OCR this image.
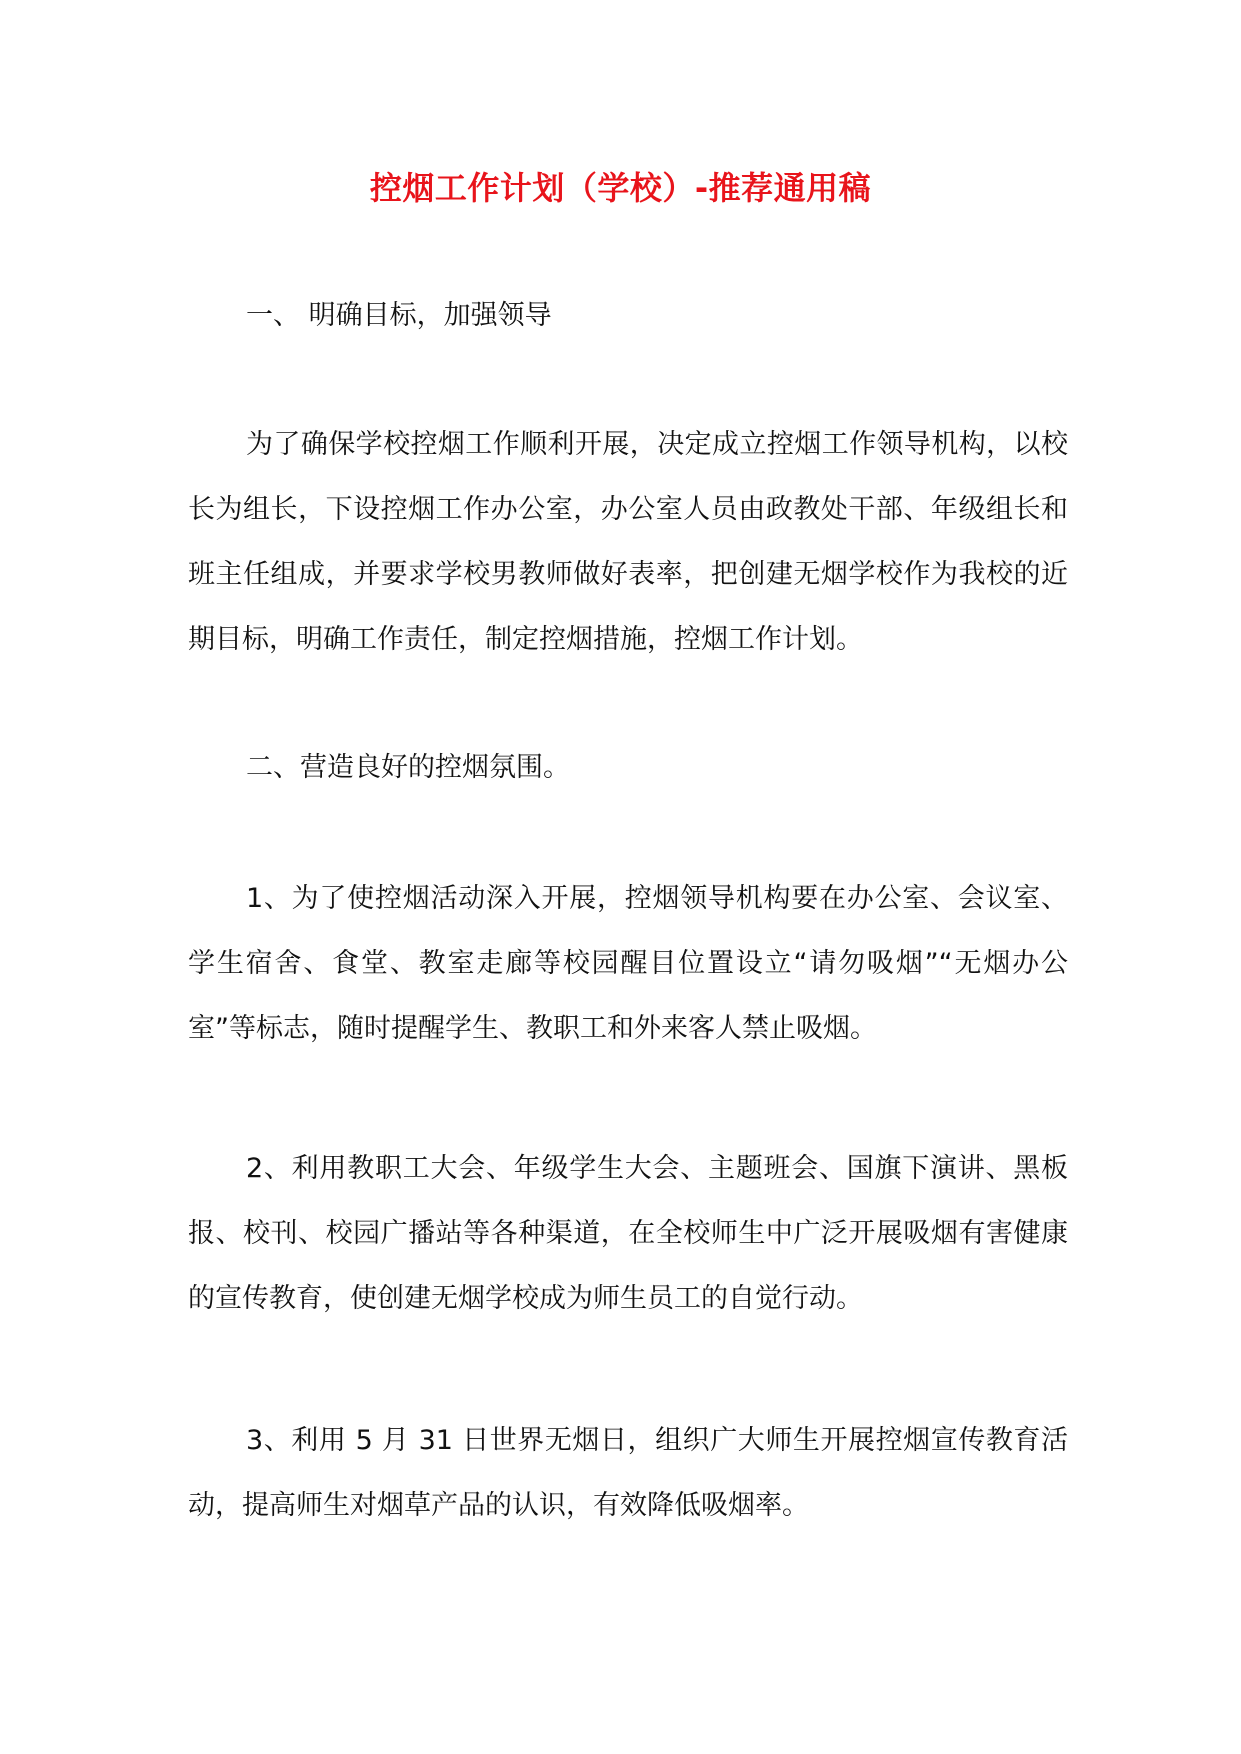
控烟工作计划（学校）-推荐通用稿
一、 明确目标，加强领导
为了确保学校控烟工作顺利开展，决定成立控烟工作领导机构，以校长为组长，下设控烟工作办公室，办公室人员由政教处干部、年级组长和班主任组成，并要求学校男教师做好表率，把创建无烟学校作为我校的近期目标，明确工作责任，制定控烟措施，控烟工作计划。
二、营造良好的控烟氛围。
1、为了使控烟活动深入开展，控烟领导机构要在办公室、会议室、学生宿舍、食堂、教室走廊等校园醒目位置设立“请勿吸烟”“无烟办公室”等标志，随时提醒学生、教职工和外来客人禁止吸烟。
2、利用教职工大会、年级学生大会、主题班会、国旗下演讲、黑板报、校刊、校园广播站等各种渠道，在全校师生中广泛开展吸烟有害健康的宣传教育，使创建无烟学校成为师生员工的自觉行动。
3、利用 5 月 31 日世界无烟日，组织广大师生开展控烟宣传教育活动，提高师生对烟草产品的认识，有效降低吸烟率。
